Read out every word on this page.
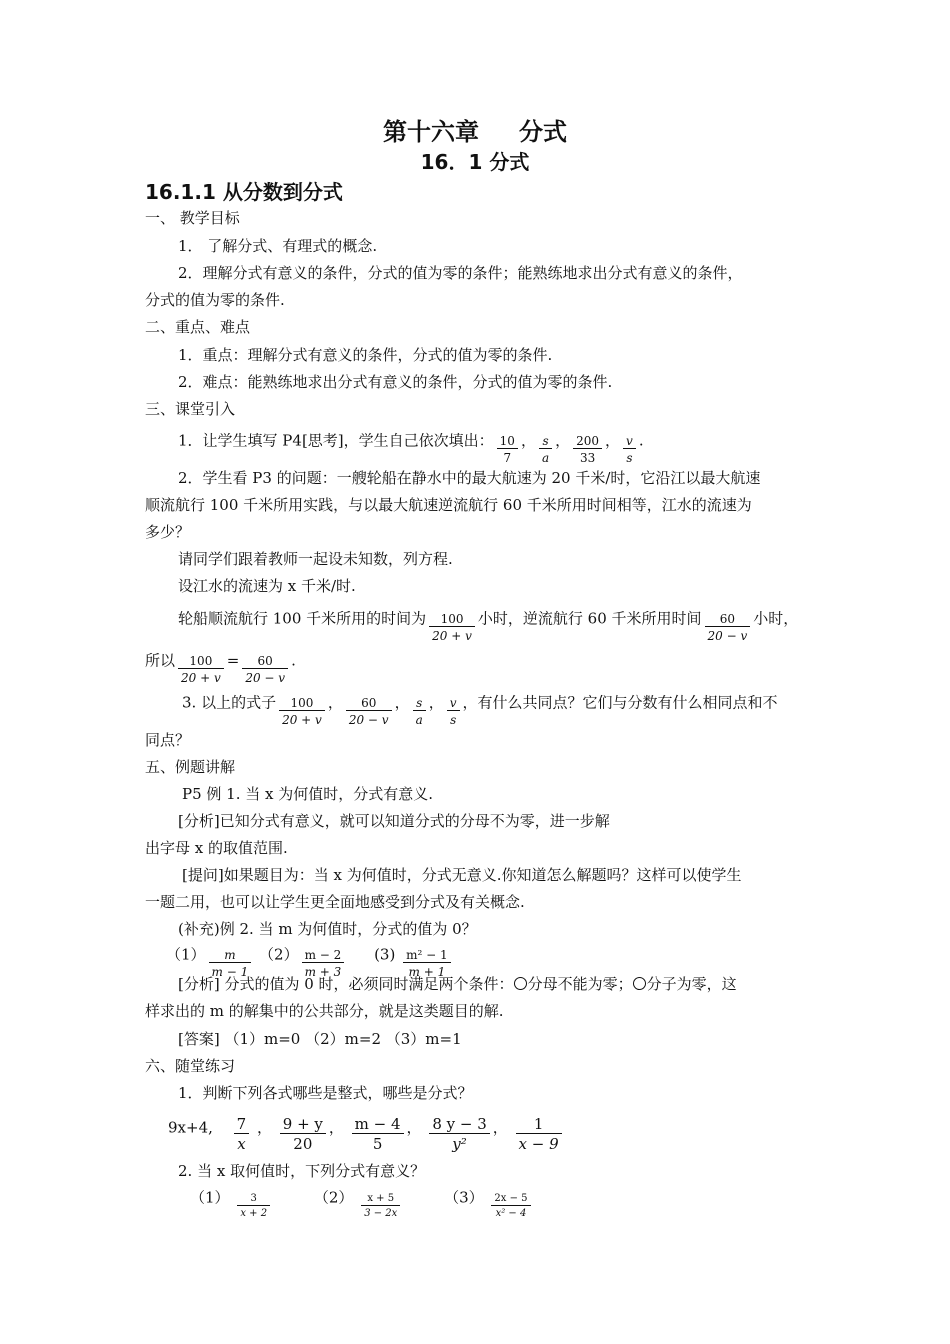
第十六章 分式
16．1 分式
16.1.1 从分数到分式
一、 教学目标
1． 了解分式、有理式的概念.
2．理解分式有意义的条件，分式的值为零的条件；能熟练地求出分式有意义的条件，
分式的值为零的条件.
二、重点、难点
1．重点：理解分式有意义的条件，分式的值为零的条件.
2．难点：能熟练地求出分式有意义的条件，分式的值为零的条件.
三、课堂引入
1．让学生填写 P4[思考]，学生自己依次填出： $\frac{10}{7}$ ， $\frac{s}{a}$ ， $\frac{200}{33}$ ， $\frac{v}{s}$ .
2．学生看 P3 的问题：一艘轮船在静水中的最大航速为 20 千米/时，它沿江以最大航速
顺流航行 100 千米所用实践，与以最大航速逆流航行 60 千米所用时间相等，江水的流速为
多少？
请同学们跟着教师一起设未知数，列方程.
设江水的流速为 x 千米/时.
轮船顺流航行 100 千米所用的时间为 $\frac{100}{20 + v}$ 小时，逆流航行 60 千米所用时间 $\frac{60}{20 - v}$ 小时，
所以 $\frac{100}{20 + v} = \frac{60}{20 - v}$ .
3. 以上的式子 $\frac{100}{20 + v}$ ， $\frac{60}{20 - v}$ ， $\frac{s}{a}$ ， $\frac{v}{s}$ ，有什么共同点？它们与分数有什么相同点和不
同点？
五、例题讲解
P5 例 1. 当 x 为何值时，分式有意义.
[分析]已知分式有意义，就可以知道分式的分母不为零，进一步解
出字母 x 的取值范围.
[提问]如果题目为：当 x 为何值时，分式无意义.你知道怎么解题吗？这样可以使学生
一题二用，也可以让学生更全面地感受到分式及有关概念.
(补充)例 2. 当 m 为何值时，分式的值为 0？
$(1) \frac{m}{m - 1} (2) \frac{m - 2}{m + 3} (3) \frac{\text{m² − 1}}{m + 1}$
[分析] 分式的值为 0 时，必须同时满足两个条件： 分母不能为零； 分子为零，这
样求出的 m 的解集中的公共部分，就是这类题目的解.
[答案] （1）m=0 （2）m=2 （3）m=1
六、随堂练习
1．判断下列各式哪些是整式，哪些是分式？
9x+4, $\frac{7}{x}$ ， $\frac{9 + y}{20}$ ， $\frac{m - 4}{5}$ ， $\frac{8 y - 3}{\text{y²}}$ ， $\frac{1}{x - 9}$
2. 当 x 取何值时，下列分式有意义？
$(1) \frac{3}{x + 2}$	$(2) \frac{x + 5}{3 - 2x}$	$(3) \frac{2x - 5}{\text{x² − 4}}$
